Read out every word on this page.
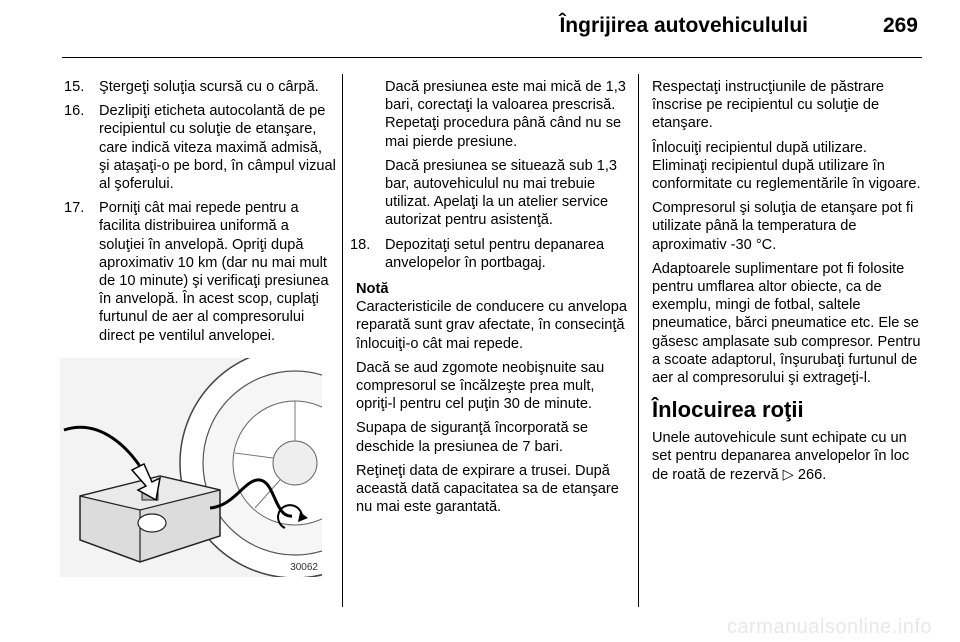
Îngrijirea autovehiculului	269
15.	Ştergeţi soluţia scursă cu o cârpă.
16.	Dezlipiţi eticheta autocolantă de pe recipientul cu soluţie de etanşare, care indică viteza maximă admisă, şi ataşaţi-o pe bord, în câmpul vizual al şoferului.
17.	Porniţi cât mai repede pentru a facilita distribuirea uniformă a soluţiei în anvelopă. Opriţi după aproximativ 10 km (dar nu mai mult de 10 minute) şi verificaţi presiunea în anvelopă. În acest scop, cuplaţi furtunul de aer al compresorului direct pe ventilul anvelopei.
30062

Dacă presiunea este mai mică de 1,3 bari, corectaţi la valoarea prescrisă. Repetaţi procedura până când nu se mai pierde presiune.

Dacă presiunea se situează sub 1,3 bar, autovehiculul nu mai trebuie utilizat. Apelaţi la un atelier service autorizat pentru asistenţă.

18.	Depozitaţi setul pentru depanarea anvelopelor în portbagaj.

Notă

Caracteristicile de conducere cu anvelopa reparată sunt grav afectate, în consecinţă înlocuiţi-o cât mai repede.

Dacă se aud zgomote neobişnuite sau compresorul se încălzeşte prea mult, opriţi-l pentru cel puţin 30 de minute.

Supapa de siguranţă încorporată se deschide la presiunea de 7 bari.

Reţineţi data de expirare a trusei. După această dată capacitatea sa de etanşare nu mai este garantată.

Respectaţi instrucţiunile de păstrare înscrise pe recipientul cu soluţie de etanşare.

Înlocuiţi recipientul după utilizare. Eliminaţi recipientul după utilizare în conformitate cu reglementările în vigoare.

Compresorul şi soluţia de etanşare pot fi utilizate până la temperatura de aproximativ -30 °C.

Adaptoarele suplimentare pot fi folosite pentru umflarea altor obiecte, ca de exemplu, mingi de fotbal, saltele pneumatice, bărci pneumatice etc. Ele se găsesc amplasate sub compresor. Pentru a scoate adaptorul, înşurubaţi furtunul de aer al compresorului şi extrageţi-l.

Înlocuirea roţii

Unele autovehicule sunt echipate cu un set pentru depanarea anvelopelor în loc de roată de rezervă ▷ 266.

carmanualsonline.info
